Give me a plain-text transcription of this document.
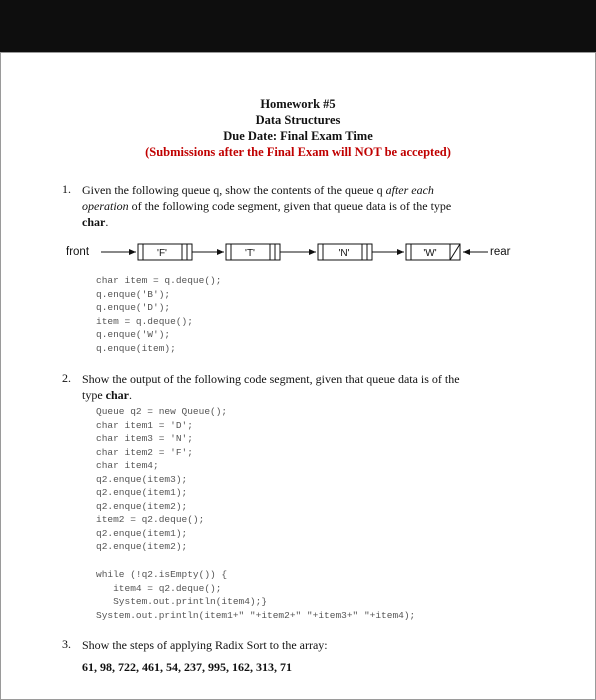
Homework #5
Data Structures
Due Date: Final Exam Time
(Submissions after the Final Exam will NOT be accepted)
1. Given the following queue q, show the contents of the queue q after each
operation of the following code segment, given that queue data is of the type
char.
front	rear
'F'	'T'	'N'	'W'
char item = q.deque();
q.enque('B');
q.enque('D');
item = q.deque();
q.enque('W');
q.enque(item);
2. Show the output of the following code segment, given that queue data is of the
type char.
Queue q2 = new Queue();
char item1 = 'D';
char item3 = 'N';
char item2 = 'F';
char item4;
q2.enque(item3);
q2.enque(item1);
q2.enque(item2);
item2 = q2.deque();
q2.enque(item1);
q2.enque(item2);
while (!q2.isEmpty()) {
item4 = q2.deque();
System.out.println(item4);}
System.out.println(item1+" "+item2+" "+item3+" "+item4);
3. Show the steps of applying Radix Sort to the array:
61, 98, 722, 461, 54, 237, 995, 162, 313, 71
